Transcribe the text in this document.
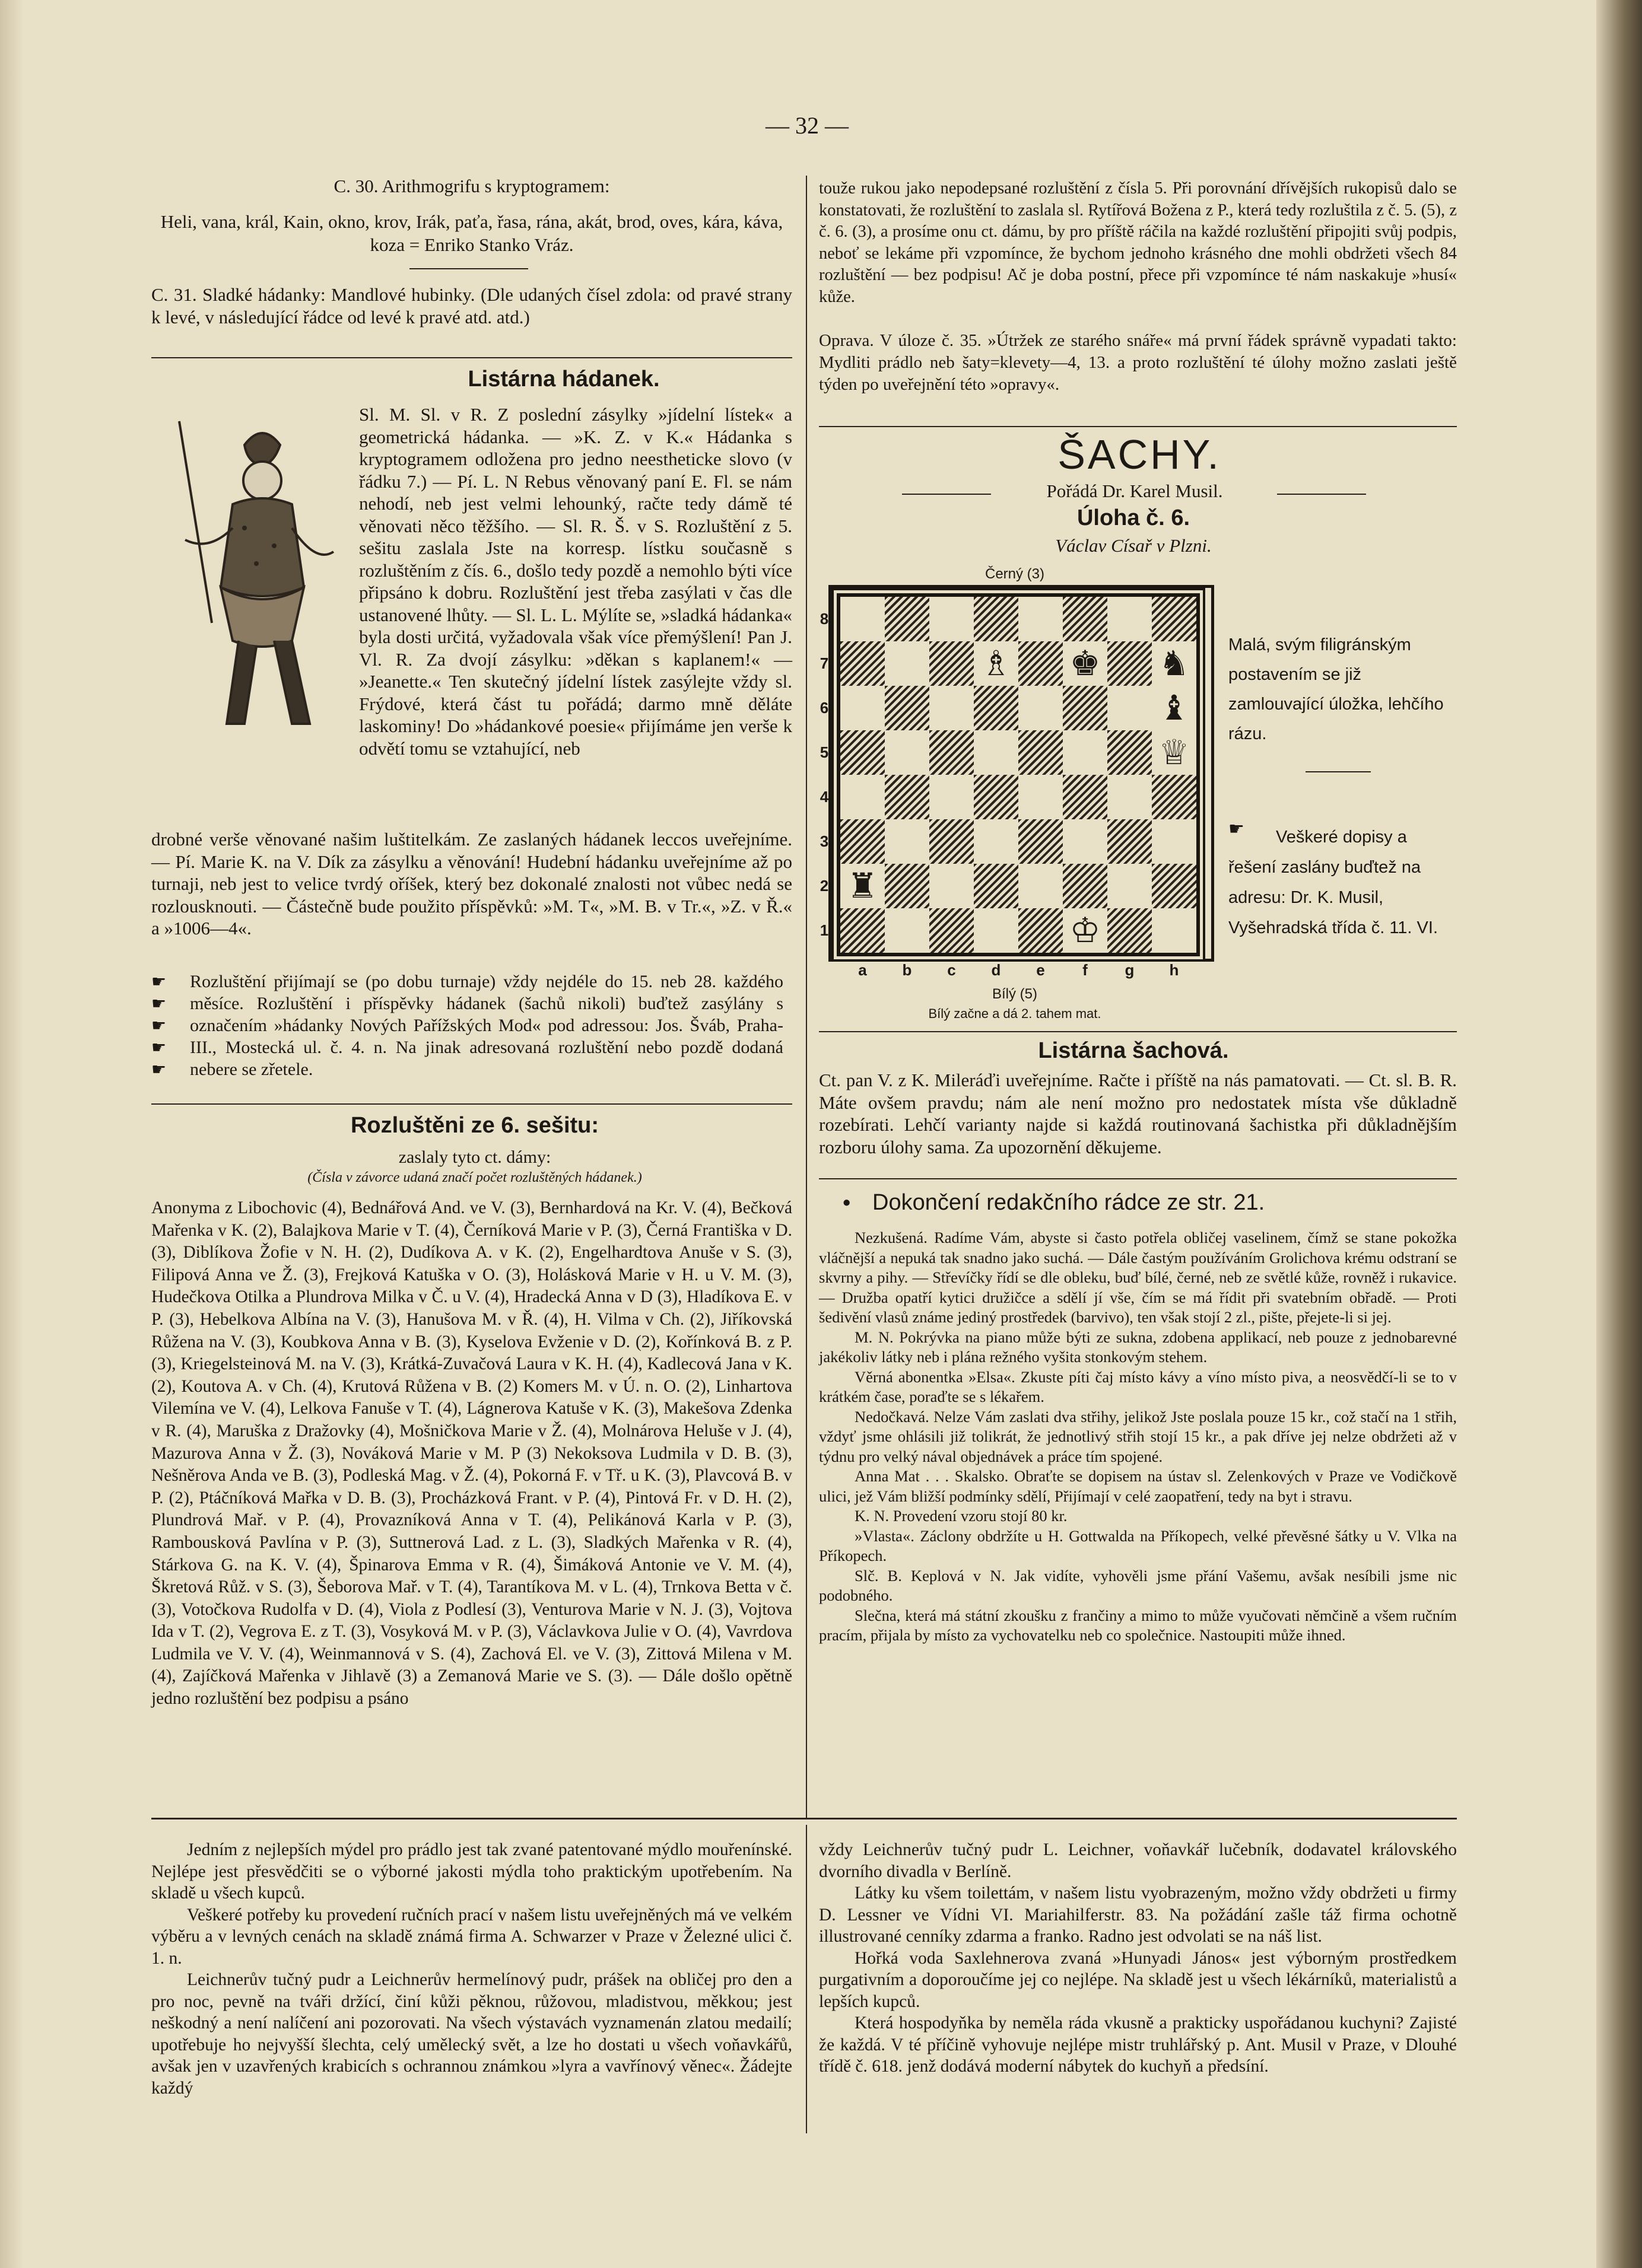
— 32 —
C. 30. Arithmogrifu s kryptogramem:
Heli, vana, král, Kain, okno, krov, Irák, paťa, řasa, rána, akát, brod, oves, kára, káva, koza = Enriko Stanko Vráz.
C. 31. Sladké hádanky: Mandlové hubinky. (Dle udaných čísel zdola: od pravé strany k levé, v následující řádce od levé k pravé atd. atd.)
Listárna hádanek.
Sl. M. Sl. v R. Z poslední zásylky »jídelní lístek« a geometrická hádanka. — »K. Z. v K.« Hádanka s kryptogramem odložena pro jedno neestheticke slovo (v řádku 7.) — Pí. L. N Rebus věnovaný paní E. Fl. se nám nehodí, neb jest velmi lehounký, račte tedy dámě té věnovati něco těžšího. — Sl. R. Š. v S. Rozluštění z 5. sešitu zaslala Jste na korresp. lístku současně s rozluštěním z čís. 6., došlo tedy pozdě a nemohlo býti více připsáno k dobru. Rozluštění jest třeba zasýlati v čas dle ustanovené lhůty. — Sl. L. L. Mýlíte se, »sladká hádanka« byla dosti určitá, vyžadovala však více přemýšlení! Pan J. Vl. R. Za dvojí zásylku: »děkan s kaplanem!« — »Jeanette.« Ten skutečný jídelní lístek zasýlejte vždy sl. Frýdové, která část tu pořádá; darmo mně děláte laskominy! Do »hádankové poesie« přijímáme jen verše k odvětí tomu se vztahující, neb
drobné verše věnované našim luštitelkám. Ze zaslaných hádanek leccos uveřejníme. — Pí. Marie K. na V. Dík za zásylku a věnování! Hudební hádanku uveřejníme až po turnaji, neb jest to velice tvrdý oříšek, který bez dokonalé znalosti not vůbec nedá se rozlousknouti. — Částečně bude použito příspěvků: »M. T«, »M. B. v Tr.«, »Z. v Ř.« a »1006—4«.
☛
☛
☛
☛
☛
Rozluštění přijímají se (po dobu turnaje) vždy nejdéle do 15. neb 28. každého měsíce. Rozluštění i příspěvky hádanek (šachů nikoli) buďtež zasýlány s označením »hádanky Nových Pařížských Mod« pod adressou: Jos. Šváb, Praha-III., Mostecká ul. č. 4. n. Na jinak adresovaná rozluštění nebo pozdě dodaná nebere se zřetele.
Rozluštěni ze 6. sešitu:
zaslaly tyto ct. dámy:
(Čísla v závorce udaná značí počet rozluštěných hádanek.)
Anonyma z Libochovic (4), Bednářová And. ve V. (3), Bernhardová na Kr. V. (4), Bečková Mařenka v K. (2), Balajkova Marie v T. (4), Černíková Marie v P. (3), Černá Františka v D. (3), Diblíkova Žofie v N. H. (2), Dudíkova A. v K. (2), Engelhardtova Anuše v S. (3), Filipová Anna ve Ž. (3), Frejková Katuška v O. (3), Holásková Marie v H. u V. M. (3), Hudečkova Otilka a Plundrova Milka v Č. u V. (4), Hradecká Anna v D (3), Hladíkova E. v P. (3), Hebelkova Albína na V. (3), Hanušova M. v Ř. (4), H. Vilma v Ch. (2), Jiříkovská Růžena na V. (3), Koubkova Anna v B. (3), Kyselova Evženie v D. (2), Kořínková B. z P. (3), Kriegelsteinová M. na V. (3), Krátká-Zuvačová Laura v K. H. (4), Kadlecová Jana v K. (2), Koutova A. v Ch. (4), Krutová Růžena v B. (2) Komers M. v Ú. n. O. (2), Linhartova Vilemína ve V. (4), Lelkova Fanuše v T. (4), Lágnerova Katuše v K. (3), Makešova Zdenka v R. (4), Maruška z Dražovky (4), Mošničkova Marie v Ž. (4), Molnárova Heluše v J. (4), Mazurova Anna v Ž. (3), Nováková Marie v M. P (3) Nekoksova Ludmila v D. B. (3), Nešněrova Anda ve B. (3), Podleská Mag. v Ž. (4), Pokorná F. v Tř. u K. (3), Plavcová B. v P. (2), Ptáčníková Mařka v D. B. (3), Procházková Frant. v P. (4), Pintová Fr. v D. H. (2), Plundrová Mař. v P. (4), Provazníková Anna v T. (4), Pelikánová Karla v P. (3), Rambousková Pavlína v P. (3), Suttnerová Lad. z L. (3), Sladkých Mařenka v R. (4), Stárkova G. na K. V. (4), Špinarova Emma v R. (4), Šimáková Antonie ve V. M. (4), Škretová Růž. v S. (3), Šeborova Mař. v T. (4), Tarantíkova M. v L. (4), Trnkova Betta v č. (3), Votočkova Rudolfa v D. (4), Viola z Podlesí (3), Venturova Marie v N. J. (3), Vojtova Ida v T. (2), Vegrova E. z T. (3), Vosyková M. v P. (3), Václavkova Julie v O. (4), Vavrdova Ludmila ve V. V. (4), Weinmannová v S. (4), Zachová El. ve V. (3), Zittová Milena v M. (4), Zajíčková Mařenka v Jihlavě (3) a Zemanová Marie ve S. (3). — Dále došlo opětně jedno rozluštění bez podpisu a psáno
touže rukou jako nepodepsané rozluštění z čísla 5. Při porovnání dřívějších rukopisů dalo se konstatovati, že rozluštění to zaslala sl. Rytířová Božena z P., která tedy rozluštila z č. 5. (5), z č. 6. (3), a prosíme onu ct. dámu, by pro příště ráčila na každé rozluštění připojiti svůj podpis, neboť se lekáme při vzpomínce, že bychom jednoho krásného dne mohli obdržeti všech 84 rozluštění — bez podpisu! Ač je doba postní, přece při vzpomínce té nám naskakuje »husí« kůže.
Oprava. V úloze č. 35. »Útržek ze starého snáře« má první řádek správně vypadati takto: Mydliti prádlo neb šaty=klevety—4, 13. a proto rozluštění té úlohy možno zaslati ještě týden po uveřejnění této »opravy«.
ŠACHY.
Pořádá Dr. Karel Musil.
Úloha č. 6.
Václav Císař v Plzni.
Černý (3)
♗ ♚ ♞
♝
♕
♜
♔
8
7
6
5
4
3
2
1
a	b	c	d	e	f	g	h
Bílý (5)
Bílý začne a dá 2. tahem mat.
Malá, svým filigránským postavením se již zamlouvající úložka, lehčího rázu.
☛	Veškeré dopisy a řešení zaslány buďtež na adresu: Dr. K. Musil, Vyšehradská třída č. 11. VI.
Listárna šachová.
Ct. pan V. z K. Mileráďi uveřejníme. Račte i příště na nás pamatovati. — Ct. sl. B. R. Máte ovšem pravdu; nám ale není možno pro nedostatek místa vše důkladně rozebírati. Lehčí varianty najde si každá routinovaná šachistka při důkladnějším rozboru úlohy sama. Za upozornění děkujeme.
• Dokončení redakčního rádce ze str. 21.

Nezkušená. Radíme Vám, abyste si často potřela obličej vaselinem, čímž se stane pokožka vláčnější a nepuká tak snadno jako suchá. — Dále častým používáním Grolichova krému odstraní se skvrny a pihy. — Střevíčky řídí se dle obleku, buď bílé, černé, neb ze světlé kůže, rovněž i rukavice. — Družba opatří kytici družičce a sdělí jí vše, čím se má řídit při svatebním obřadě. — Proti šedivění vlasů známe jediný prostředek (barvivo), ten však stojí 2 zl., pište, přejete-li si jej.

M. N. Pokrývka na piano může býti ze sukna, zdobena applikací, neb pouze z jednobarevné jakékoliv látky neb i plána režného vyšita stonkovým stehem.

Věrná abonentka »Elsa«. Zkuste píti čaj místo kávy a víno místo piva, a neosvědčí-li se to v krátkém čase, poraďte se s lékařem.

Nedočkavá. Nelze Vám zaslati dva střihy, jelikož Jste poslala pouze 15 kr., což stačí na 1 střih, vždyť jsme ohlásili již tolikrát, že jednotlivý střih stojí 15 kr., a pak dříve jej nelze obdržeti až v týdnu pro velký nával objednávek a práce tím spojené.

Anna Mat . . . Skalsko. Obraťte se dopisem na ústav sl. Zelenkových v Praze ve Vodičkově ulici, jež Vám bližší podmínky sdělí, Přijímají v celé zaopatření, tedy na byt i stravu.

K. N. Provedení vzoru stojí 80 kr.

»Vlasta«. Záclony obdržíte u H. Gottwalda na Příkopech, velké převěsné šátky u V. Vlka na Příkopech.

Slč. B. Keplová v N. Jak vidíte, vyhověli jsme přání Vašemu, avšak nesíbili jsme nic podobného.

Slečna, která má státní zkoušku z frančiny a mimo to může vyučovati němčině a všem ručním pracím, přijala by místo za vychovatelku neb co společnice. Nastoupiti může ihned.

Jedním z nejlepších mýdel pro prádlo jest tak zvané patentované mýdlo mouřenínské. Nejlépe jest přesvědčiti se o výborné jakosti mýdla toho praktickým upotřebením. Na skladě u všech kupců.

Veškeré potřeby ku provedení ručních prací v našem listu uveřejněných má ve velkém výběru a v levných cenách na skladě známá firma A. Schwarzer v Praze v Železné ulici č. 1. n.

Leichnerův tučný pudr a Leichnerův hermelínový pudr, prášek na obličej pro den a pro noc, pevně na tváři držící, činí kůži pěknou, růžovou, mladistvou, měkkou; jest neškodný a není nalíčení ani pozorovati. Na všech výstavách vyznamenán zlatou medailí; upotřebuje ho nejvyšší šlechta, celý umělecký svět, a lze ho dostati u všech voňavkářů, avšak jen v uzavřených krabicích s ochrannou známkou »lyra a vavřínový věnec«. Žádejte každý

vždy Leichnerův tučný pudr L. Leichner, voňavkář lučebník, dodavatel královského dvorního divadla v Berlíně.

Látky ku všem toilettám, v našem listu vyobrazeným, možno vždy obdržeti u firmy D. Lessner ve Vídni VI. Mariahilferstr. 83. Na požádání zašle táž firma ochotně illustrované cenníky zdarma a franko. Radno jest odvolati se na náš list.

Hořká voda Saxlehnerova zvaná »Hunyadi János« jest výborným prostředkem purgativním a doporoučíme jej co nejlépe. Na skladě jest u všech lékárníků, materialistů a lepších kupců.

Která hospodyňka by neměla ráda vkusně a prakticky uspořádanou kuchyni? Zajisté že každá. V té příčině vyhovuje nejlépe mistr truhlářský p. Ant. Musil v Praze, v Dlouhé třídě č. 618. jenž dodává moderní nábytek do kuchyň a předsíní.
